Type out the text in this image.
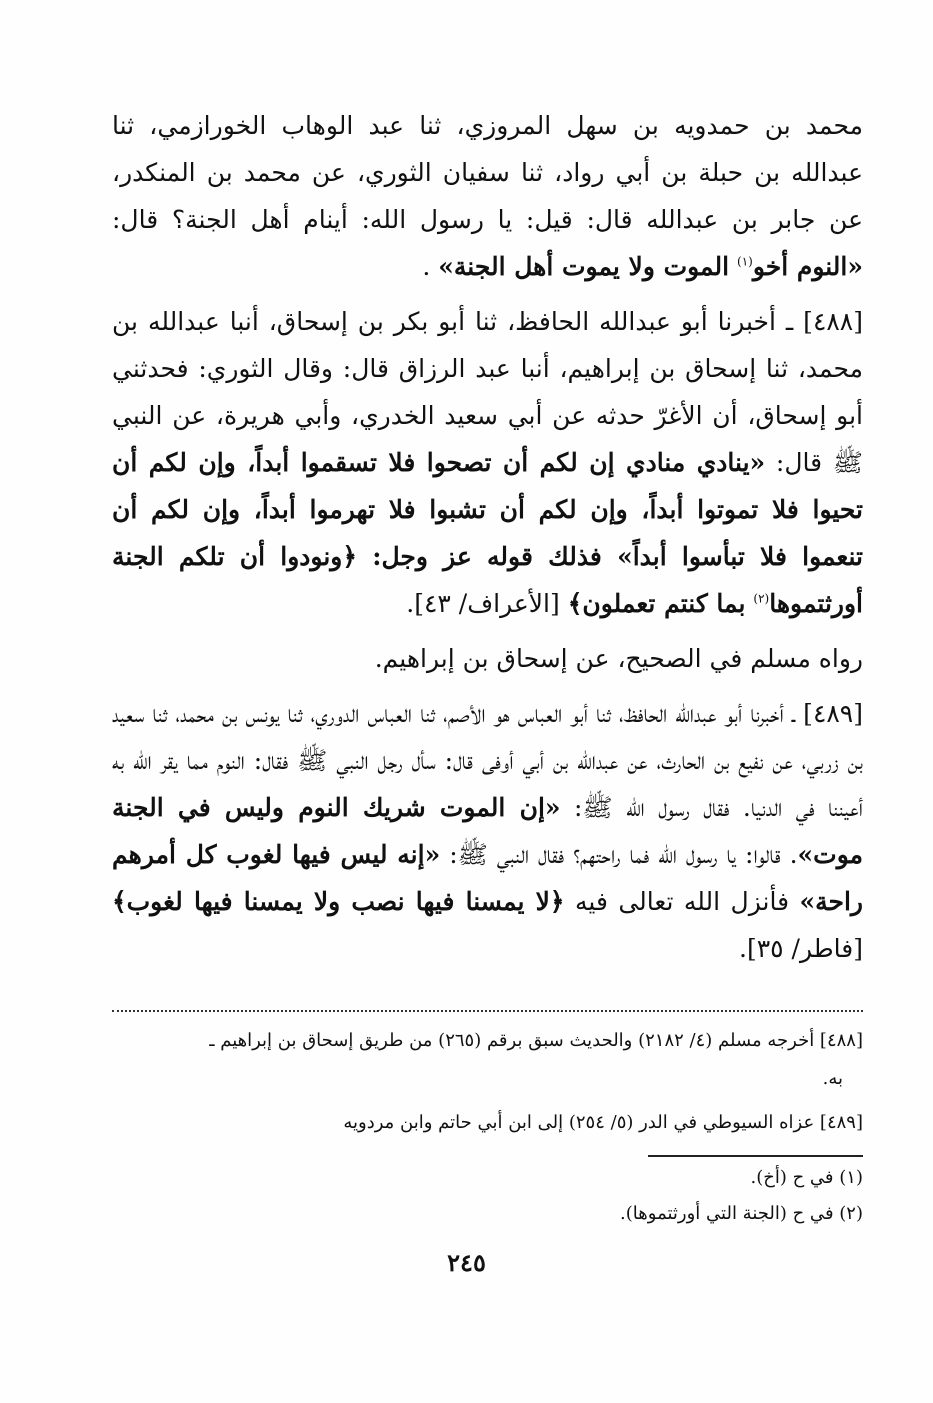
محمد بن حمدويه بن سهل المروزي، ثنا عبد الوهاب الخورازمي، ثنا عبدالله بن حبلة بن أبي رواد، ثنا سفيان الثوري، عن محمد بن المنكدر، عن جابر بن عبدالله قال: قيل: يا رسول الله: أينام أهل الجنة؟ قال: «النوم أخو$^{(١)}$ الموت ولا يموت أهل الجنة» .

[٤٨٨] ـ أخبرنا أبو عبدالله الحافظ، ثنا أبو بكر بن إسحاق، أنبا عبدالله بن محمد، ثنا إسحاق بن إبراهيم، أنبا عبد الرزاق قال: وقال الثوري: فحدثني أبو إسحاق، أن الأغرّ حدثه عن أبي سعيد الخدري، وأبي هريرة، عن النبي ﷺ قال: «ينادي منادي إن لكم أن تصحوا فلا تسقموا أبداً، وإن لكم أن تحيوا فلا تموتوا أبداً، وإن لكم أن تشبوا فلا تهرموا أبداً، وإن لكم أن تنعموا فلا تبأسوا أبداً» فذلك قوله عز وجل: ﴿ونودوا أن تلكم الجنة أورثتموها$^{(٢)}$ بما كنتم تعملون﴾ [الأعراف/ ٤٣].

رواه مسلم في الصحيح، عن إسحاق بن إبراهيم.

[٤٨٩] ـ أخبرنا أبو عبدالله الحافظ، ثنا أبو العباس هو الأصم، ثنا العباس الدوري، ثنا يونس بن محمد، ثنا سعيد بن زربي، عن نفيع بن الحارث، عن عبدالله بن أبي أوفى قال: سأل رجل النبي ﷺ فقال: النوم مما يقر الله به أعيننا في الدنيا. فقال رسول الله ﷺ: «إن الموت شريك النوم وليس في الجنة موت». قالوا: يا رسول الله فما راحتهم؟ فقال النبي ﷺ: «إنه ليس فيها لغوب كل أمرهم راحة» فأنزل الله تعالى فيه ﴿لا يمسنا فيها نصب ولا يمسنا فيها لغوب﴾ [فاطر/ ٣٥].

[٤٨٨] أخرجه مسلم (٤/ ٢١٨٢) والحديث سبق برقم (٢٦٥) من طريق إسحاق بن إبراهيم ـ
به.

[٤٨٩] عزاه السيوطي في الدر (٥/ ٢٥٤) إلى ابن أبي حاتم وابن مردويه

(١) في ح (أخ).

(٢) في ح (الجنة التي أورثتموها).

٢٤٥
